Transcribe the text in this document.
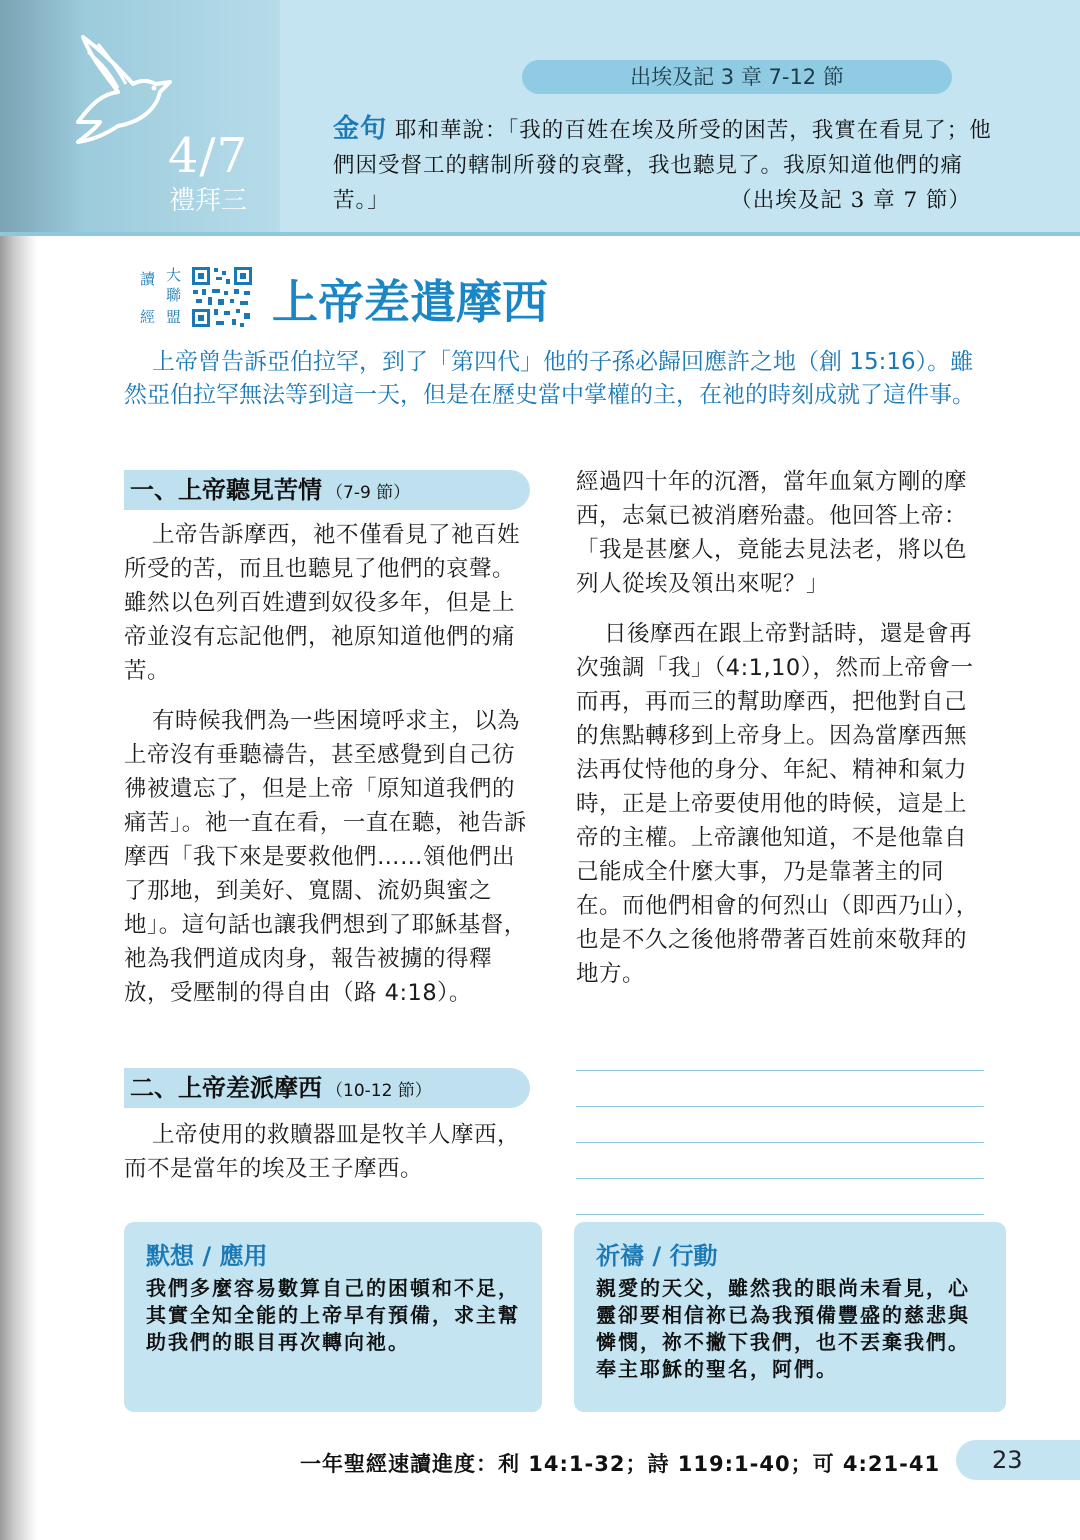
4/7
禮拜三
出埃及記 3 章 7-12 節
金句 耶和華說：「我的百姓在埃及所受的困苦，我實在看見了；他們因受督工的轄制所發的哀聲，我也聽見了。我原知道他們的痛苦。」	（出埃及記 3 章 7 節）
讀 大
聯
經 盟 上帝差遣摩西
上帝曾告訴亞伯拉罕，到了「第四代」他的子孫必歸回應許之地（創 15:16）。雖然亞伯拉罕無法等到這一天，但是在歷史當中掌權的主，在祂的時刻成就了這件事。
一、上帝聽見苦情 （7-9 節）

上帝告訴摩西，祂不僅看見了祂百姓所受的苦，而且也聽見了他們的哀聲。雖然以色列百姓遭到奴役多年，但是上帝並沒有忘記他們，祂原知道他們的痛苦。

有時候我們為一些困境呼求主，以為上帝沒有垂聽禱告，甚至感覺到自己彷彿被遺忘了，但是上帝「原知道我們的痛苦」。祂一直在看，一直在聽，祂告訴摩西「我下來是要救他們……領他們出了那地，到美好、寬闊、流奶與蜜之地」。這句話也讓我們想到了耶穌基督，祂為我們道成肉身，報告被擄的得釋放，受壓制的得自由（路 4:18）。

二、上帝差派摩西 （10-12 節）

上帝使用的救贖器皿是牧羊人摩西，而不是當年的埃及王子摩西。

經過四十年的沉潛，當年血氣方剛的摩西，志氣已被消磨殆盡。他回答上帝：「我是甚麼人，竟能去見法老，將以色列人從埃及領出來呢？」

日後摩西在跟上帝對話時，還是會再次強調「我」（4:1,10），然而上帝會一而再，再而三的幫助摩西，把他對自己的焦點轉移到上帝身上。因為當摩西無法再仗恃他的身分、年紀、精神和氣力時，正是上帝要使用他的時候，這是上帝的主權。上帝讓他知道，不是他靠自己能成全什麼大事，乃是靠著主的同在。而他們相會的何烈山（即西乃山），也是不久之後他將帶著百姓前來敬拜的地方。

默想 / 應用
我們多麼容易數算自己的困頓和不足，其實全知全能的上帝早有預備，求主幫助我們的眼目再次轉向祂。
祈禱 / 行動
親愛的天父，雖然我的眼尚未看見，心靈卻要相信祢已為我預備豐盛的慈悲與憐憫，祢不撇下我們，也不丟棄我們。奉主耶穌的聖名，阿們。
一年聖經速讀進度：利 14:1-32；詩 119:1-40；可 4:21-41	23
